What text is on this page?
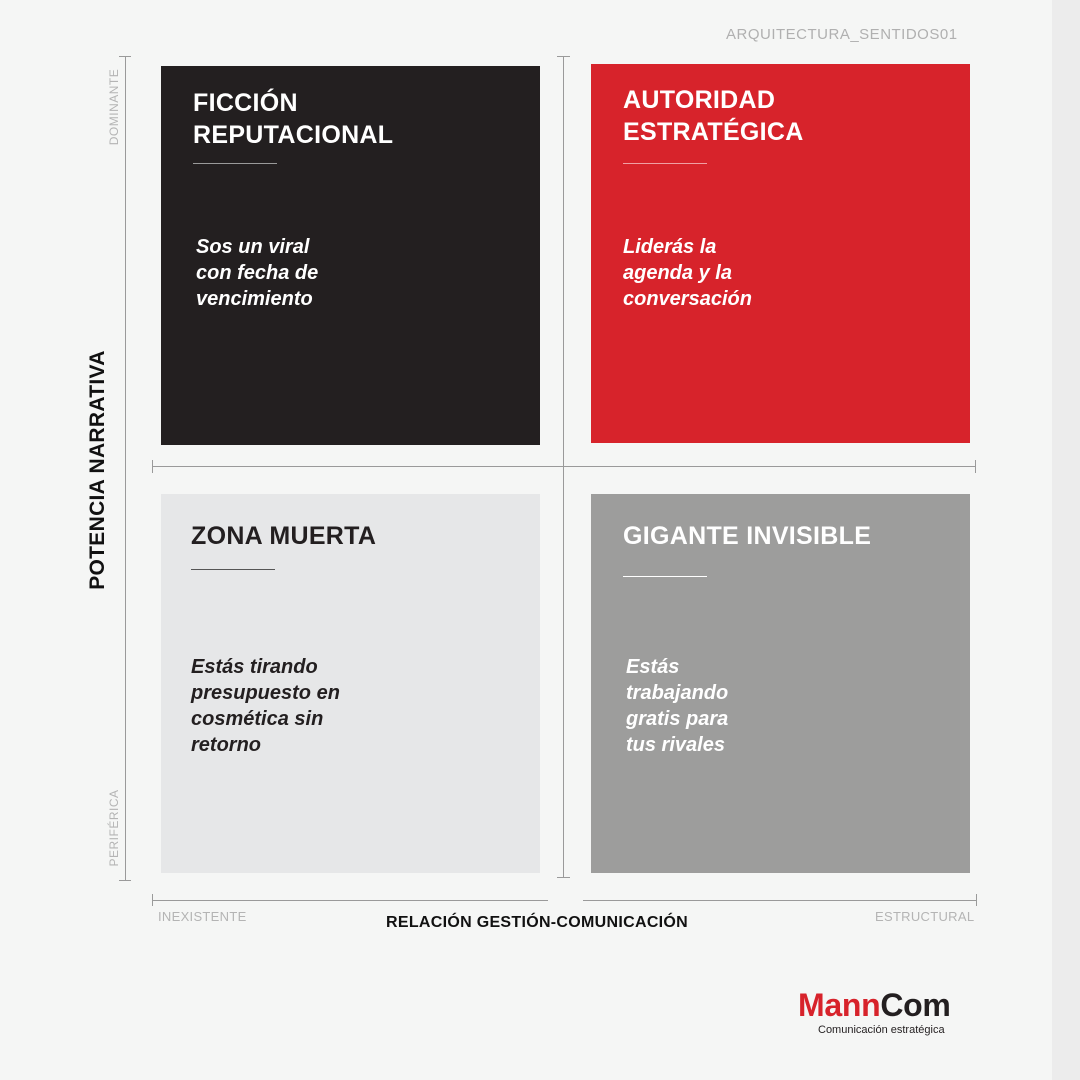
ARQUITECTURA_SENTIDOS01
FICCIÓN
REPUTACIONAL
Sos un viral
con fecha de
vencimiento
AUTORIDAD
ESTRATÉGICA
Liderás la
agenda y la
conversación
ZONA MUERTA
Estás tirando
presupuesto en
cosmética sin
retorno
GIGANTE INVISIBLE
Estás
trabajando
gratis para
tus rivales
POTENCIA NARRATIVA
DOMINANTE
PERIFÉRICA
RELACIÓN GESTIÓN-COMUNICACIÓN
INEXISTENTE	ESTRUCTURAL
MannCom
Comunicación estratégica
